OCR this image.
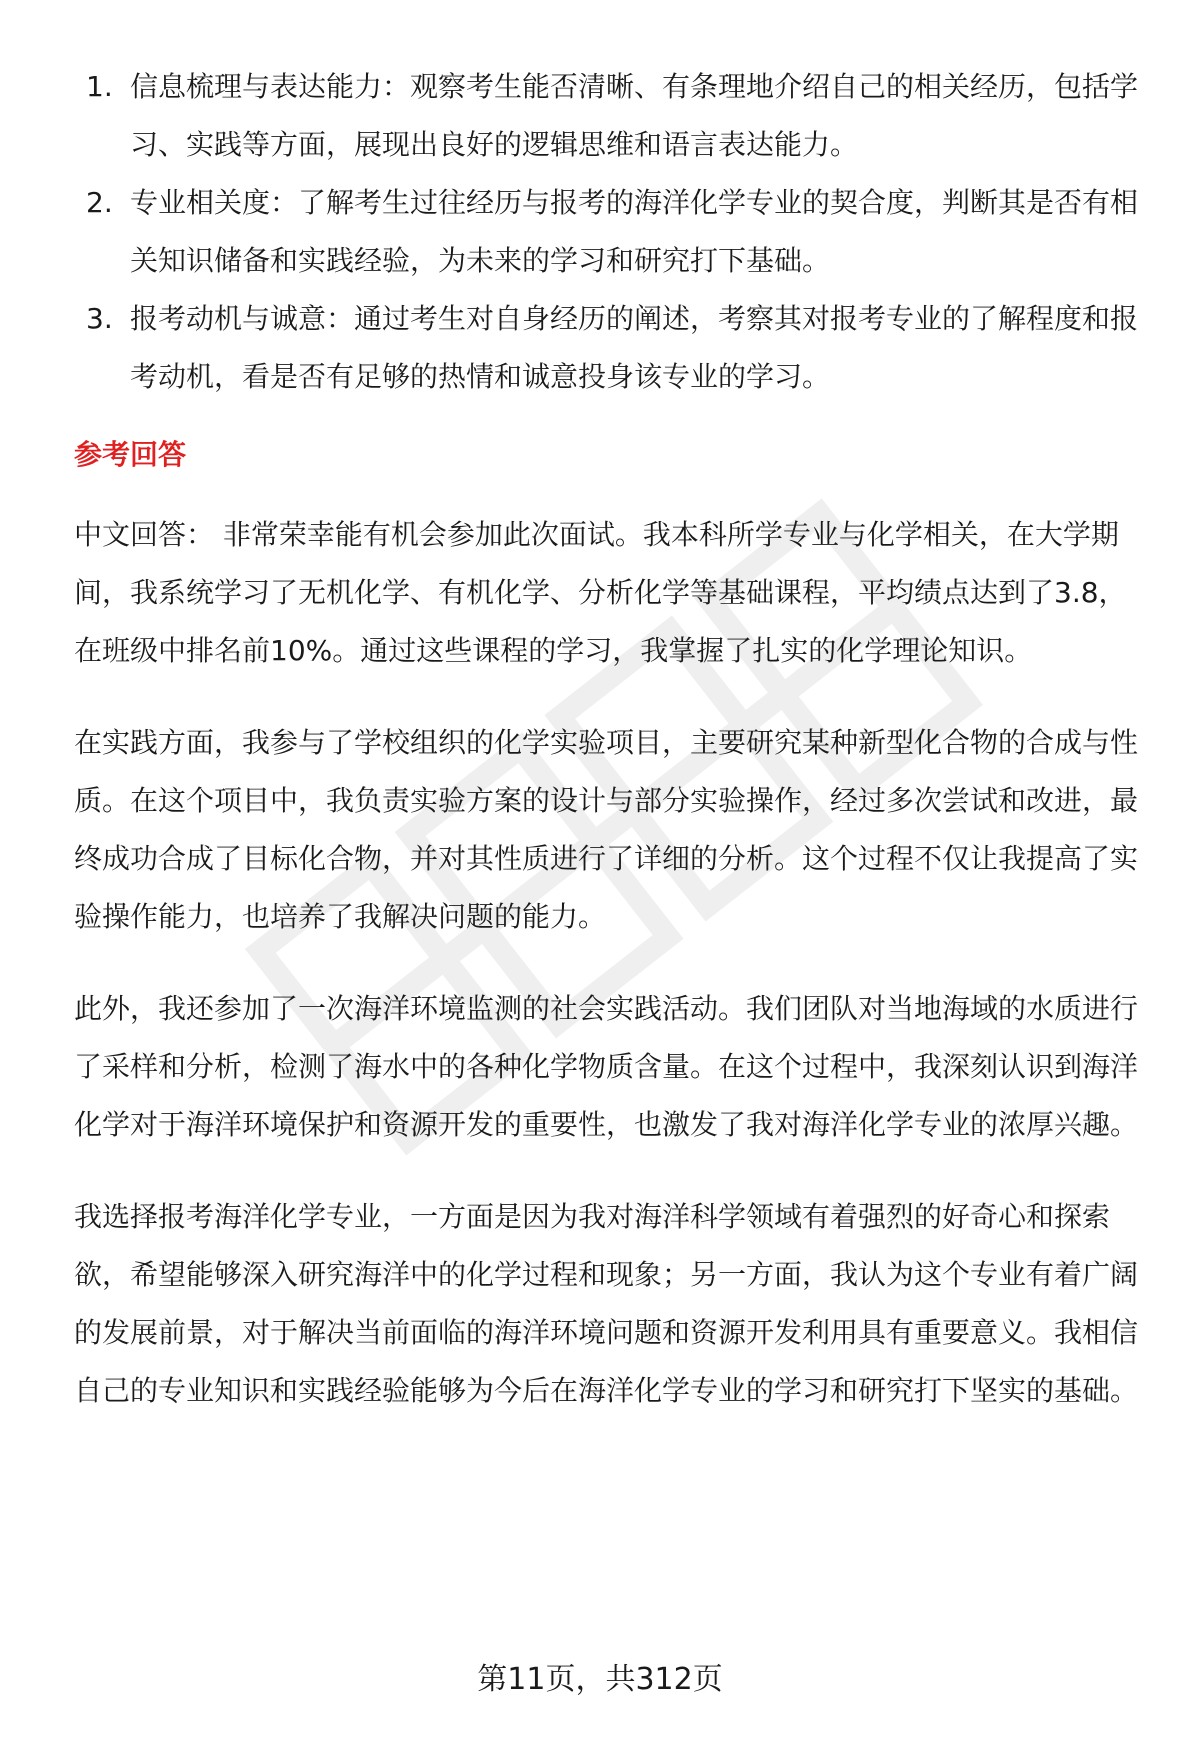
1. 信息梳理与表达能力：观察考生能否清晰、有条理地介绍自己的相关经历，包括学习、实践等方面，展现出良好的逻辑思维和语言表达能力。
2. 专业相关度：了解考生过往经历与报考的海洋化学专业的契合度，判断其是否有相关知识储备和实践经验，为未来的学习和研究打下基础。
3. 报考动机与诚意：通过考生对自身经历的阐述，考察其对报考专业的了解程度和报考动机，看是否有足够的热情和诚意投身该专业的学习。
参考回答

中文回答： 非常荣幸能有机会参加此次面试。我本科所学专业与化学相关，在大学期间，我系统学习了无机化学、有机化学、分析化学等基础课程，平均绩点达到了3.8，在班级中排名前10%。通过这些课程的学习，我掌握了扎实的化学理论知识。

在实践方面，我参与了学校组织的化学实验项目，主要研究某种新型化合物的合成与性质。在这个项目中，我负责实验方案的设计与部分实验操作，经过多次尝试和改进，最终成功合成了目标化合物，并对其性质进行了详细的分析。这个过程不仅让我提高了实验操作能力，也培养了我解决问题的能力。

此外，我还参加了一次海洋环境监测的社会实践活动。我们团队对当地海域的水质进行了采样和分析，检测了海水中的各种化学物质含量。在这个过程中，我深刻认识到海洋化学对于海洋环境保护和资源开发的重要性，也激发了我对海洋化学专业的浓厚兴趣。

我选择报考海洋化学专业，一方面是因为我对海洋科学领域有着强烈的好奇心和探索欲，希望能够深入研究海洋中的化学过程和现象；另一方面，我认为这个专业有着广阔的发展前景，对于解决当前面临的海洋环境问题和资源开发利用具有重要意义。我相信自己的专业知识和实践经验能够为今后在海洋化学专业的学习和研究打下坚实的基础。

第11页，共312页
